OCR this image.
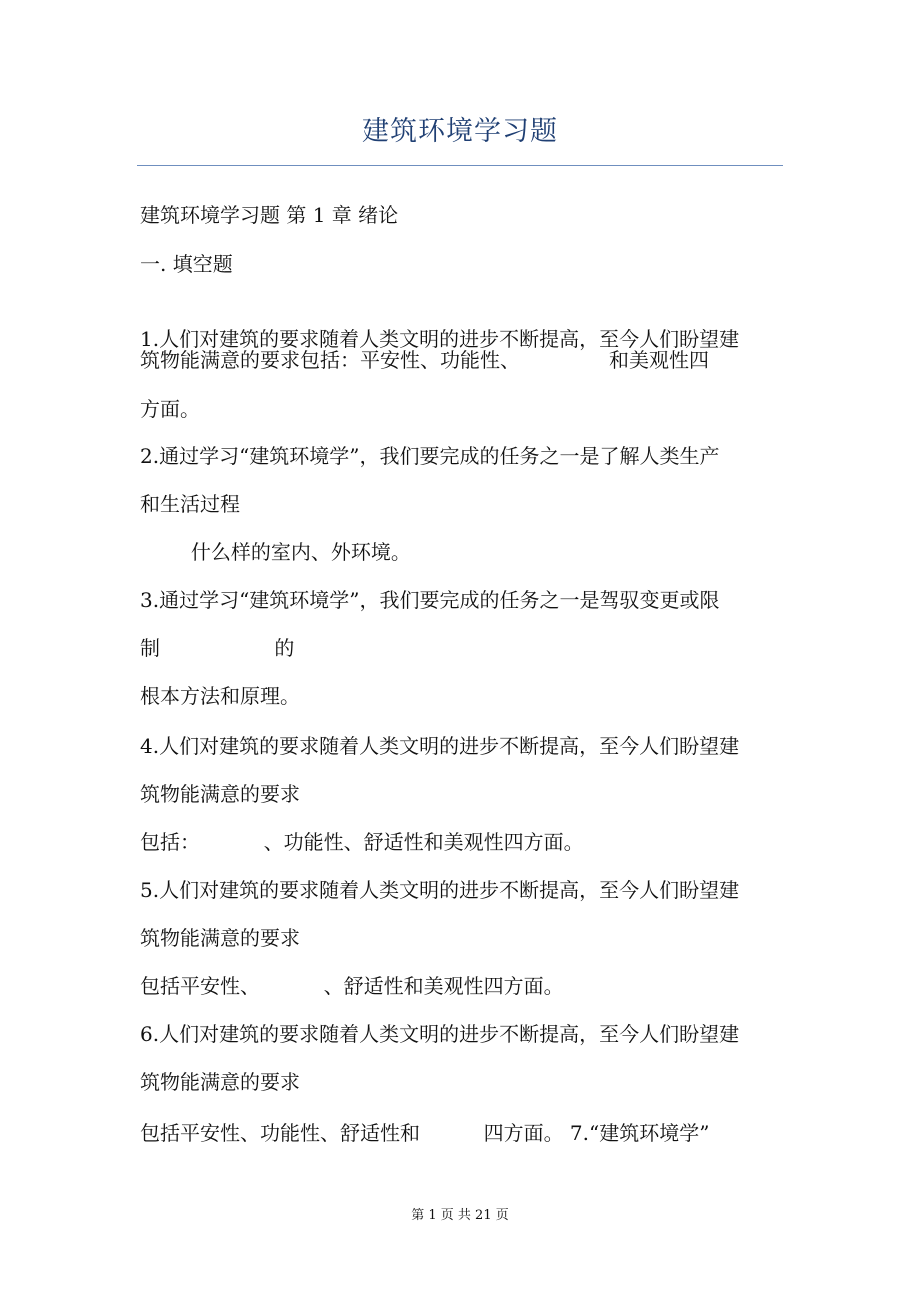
建筑环境学习题
建筑环境学习题 第 1 章 绪论
一. 填空题
1.人们对建筑的要求随着人类文明的进步不断提高，至今人们盼望建
筑物能满意的要求包括：平安性、功能性、              和美观性四
方面。
2.通过学习“建筑环境学”，我们要完成的任务之一是了解人类生产
和生活过程
什么样的室内、外环境。
3.通过学习“建筑环境学”，我们要完成的任务之一是驾驭变更或限
制                  的
根本方法和原理。
4.人们对建筑的要求随着人类文明的进步不断提高，至今人们盼望建
筑物能满意的要求
包括：          、功能性、舒适性和美观性四方面。
5.人们对建筑的要求随着人类文明的进步不断提高，至今人们盼望建
筑物能满意的要求
包括平安性、          、舒适性和美观性四方面。
6.人们对建筑的要求随着人类文明的进步不断提高，至今人们盼望建
筑物能满意的要求
包括平安性、功能性、舒适性和          四方面。 7.“建筑环境学”
第 1 页 共 21 页
